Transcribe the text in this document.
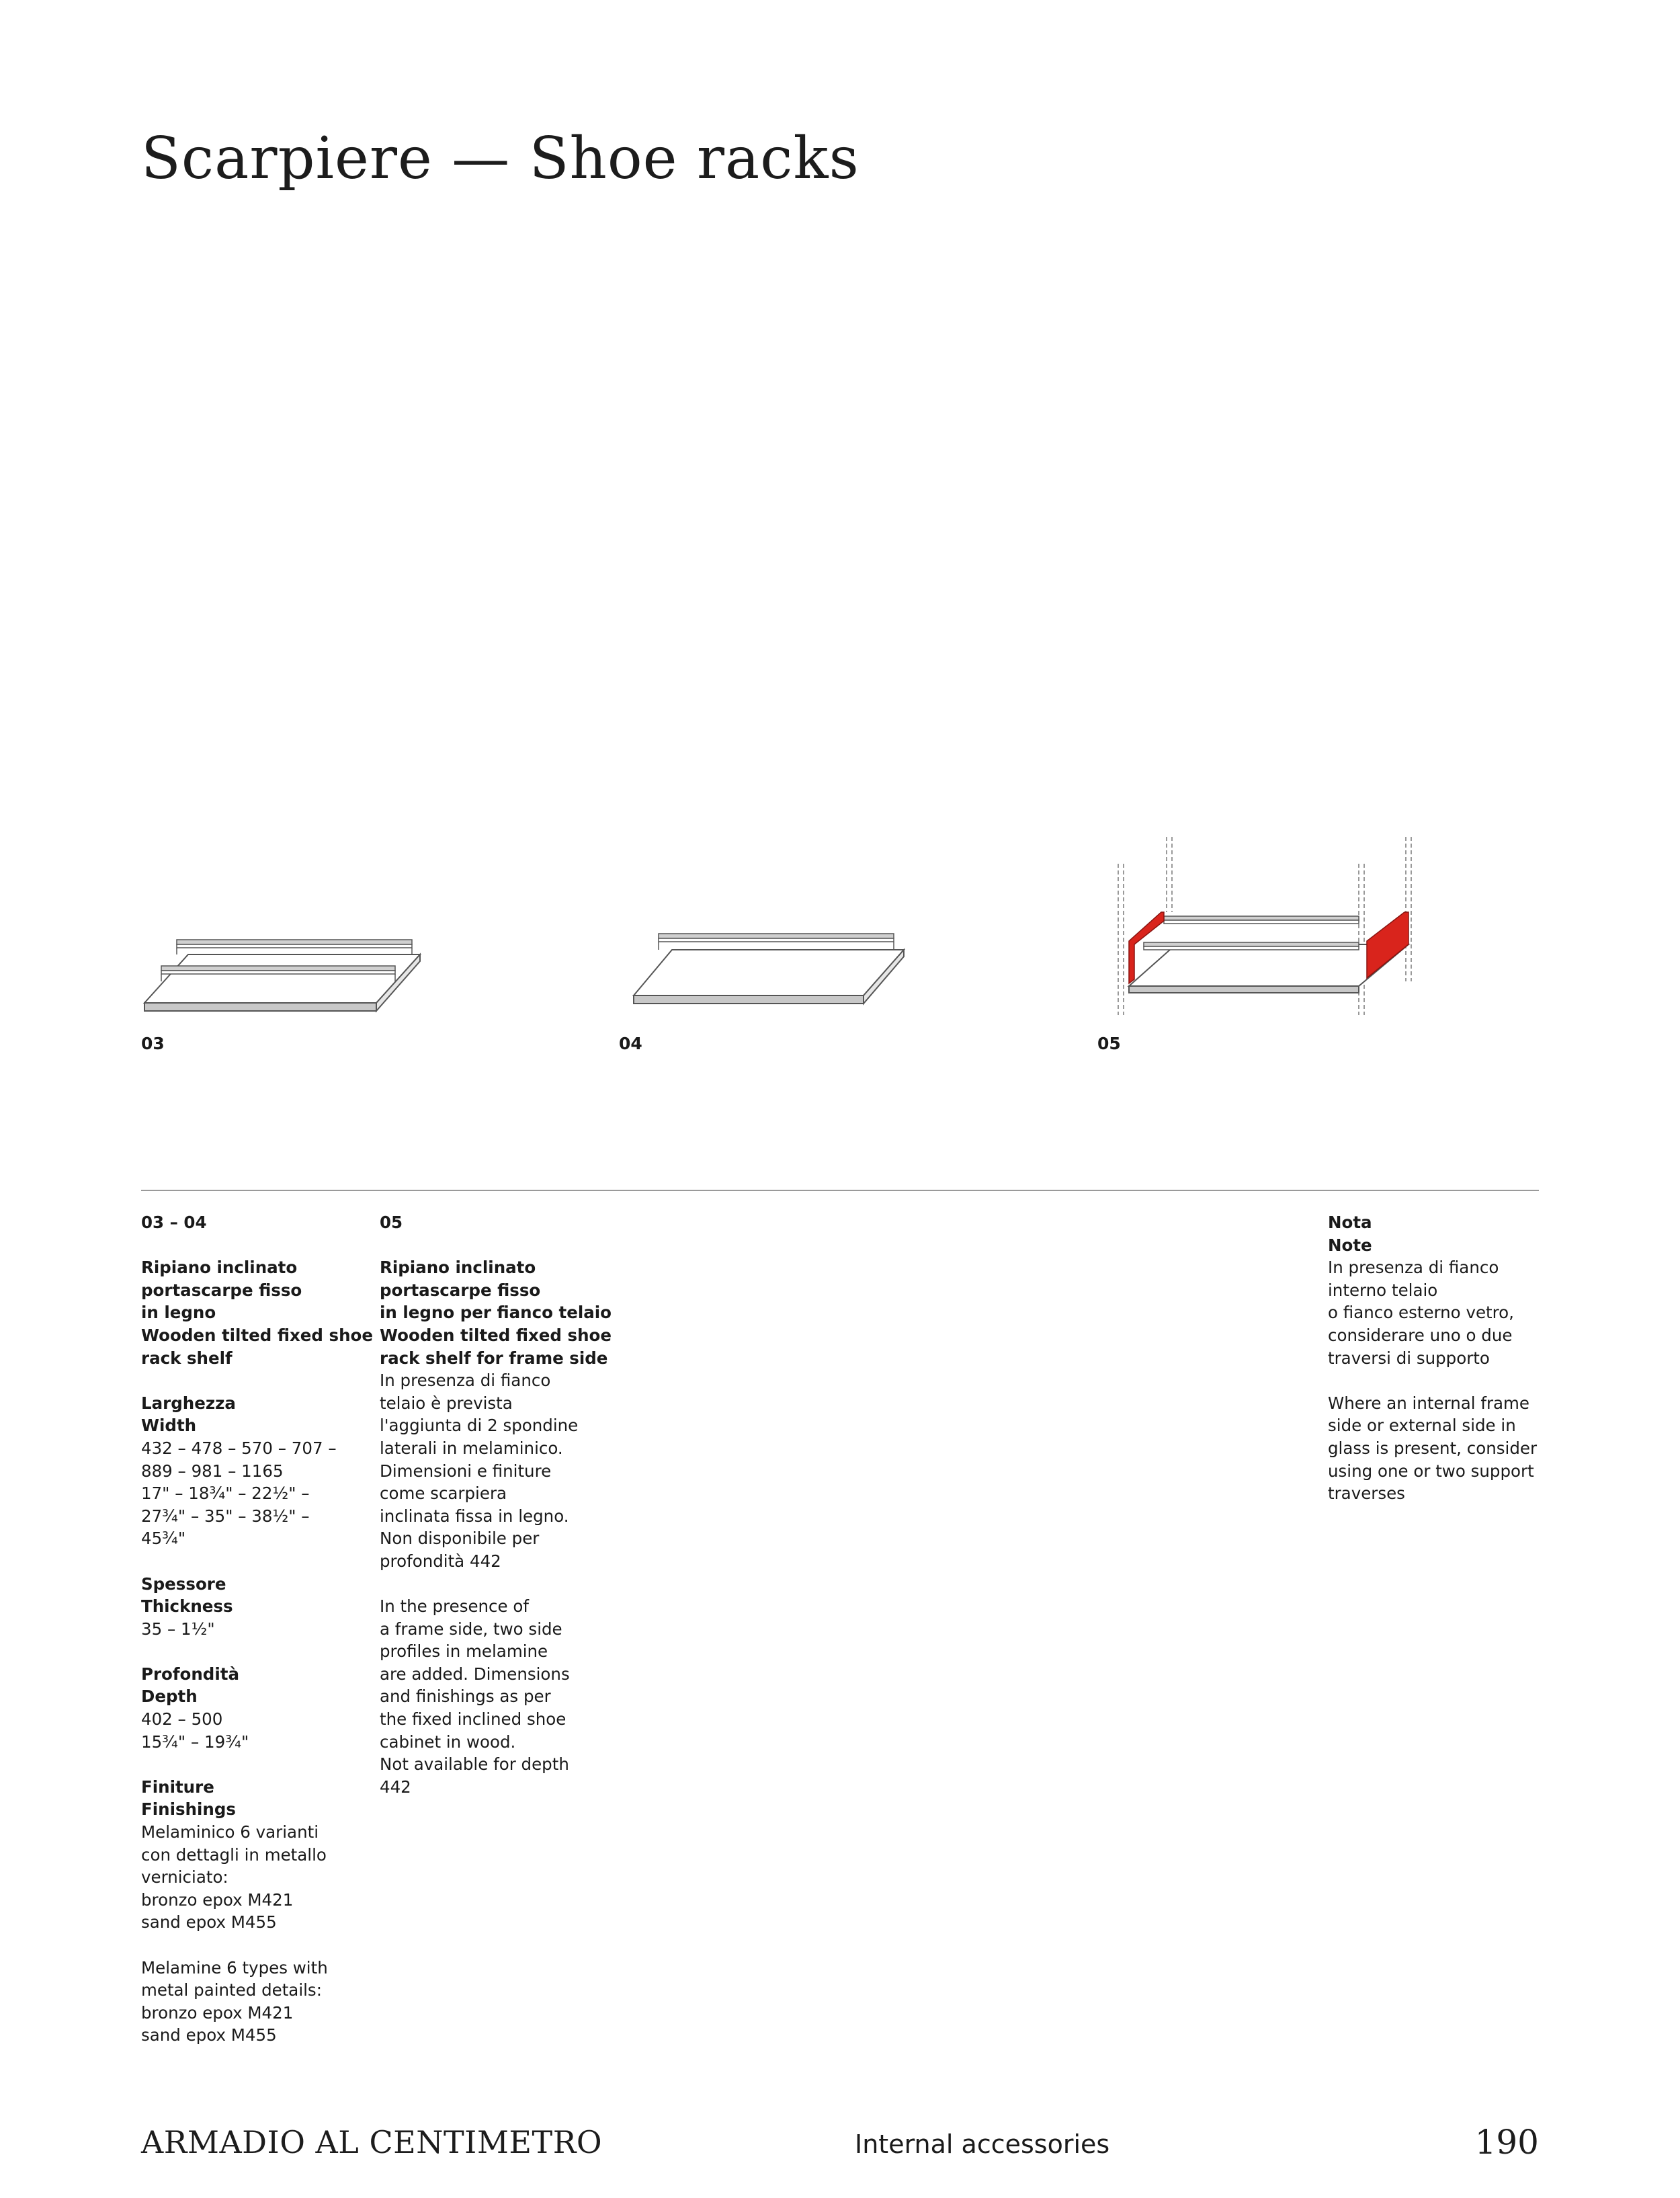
Scarpiere — Shoe racks

03	04	05

03 – 04

Ripiano inclinato

portascarpe fisso

in legno

Wooden tilted fixed shoe

rack shelf

Larghezza

Width

432 – 478 – 570 – 707 –

889 – 981 – 1165

17" – 18¾" – 22½" –

27¾" – 35" – 38½" –

45¾"

Spessore

Thickness

35 – 1½"

Profondità

Depth

402 – 500

15¾" – 19¾"

Finiture

Finishings

Melaminico 6 varianti

con dettagli in metallo

verniciato:

bronzo epox M421

sand epox M455

Melamine 6 types with

metal painted details:

bronzo epox M421

sand epox M455

05

Ripiano inclinato

portascarpe fisso

in legno per fianco telaio

Wooden tilted fixed shoe

rack shelf for frame side

In presenza di fianco

telaio è prevista

l'aggiunta di 2 spondine

laterali in melaminico.

Dimensioni e finiture

come scarpiera

inclinata fissa in legno.

Non disponibile per

profondità 442

In the presence of

a frame side, two side

profiles in melamine

are added. Dimensions

and finishings as per

the fixed inclined shoe

cabinet in wood.

Not available for depth

442

Nota

Note

In presenza di fianco

interno telaio

o fianco esterno vetro,

considerare uno o due

traversi di supporto

Where an internal frame

side or external side in

glass is present, consider

using one or two support

traverses

ARMADIO AL CENTIMETRO	Internal accessories	190
